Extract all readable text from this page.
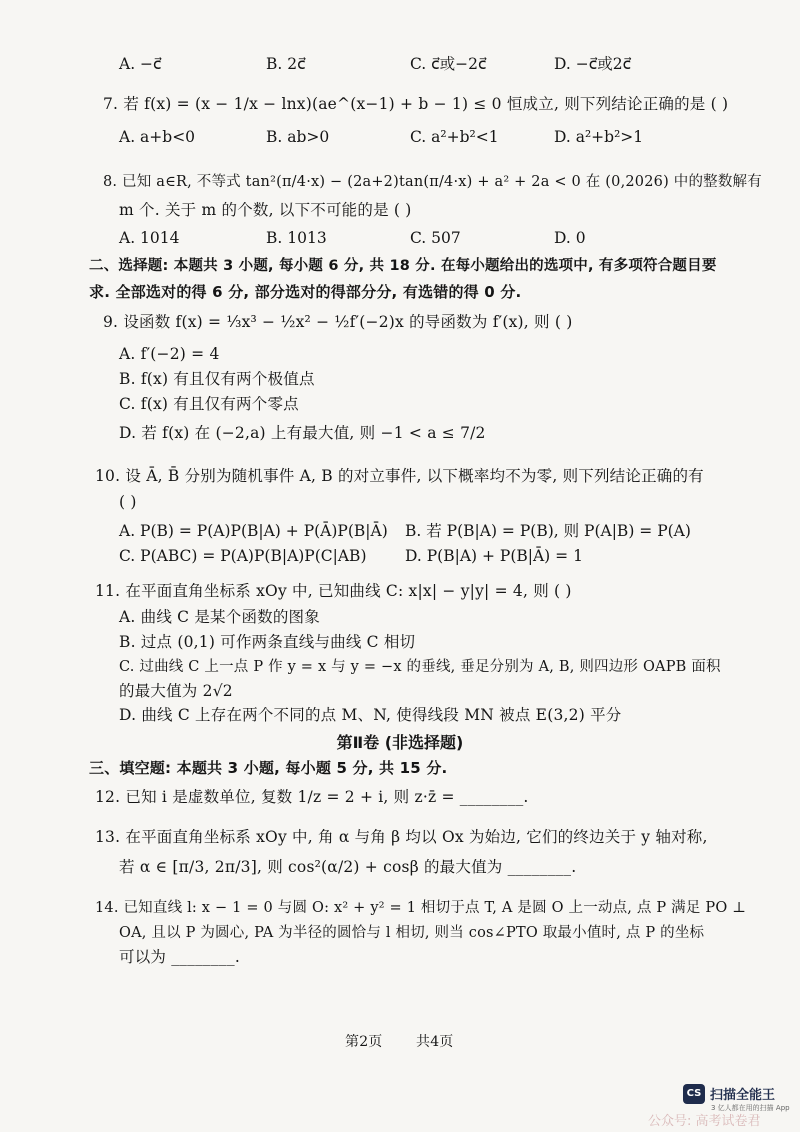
A. −c⃗	B. 2c⃗	C. c⃗或−2c⃗	D. −c⃗或2c⃗
7. 若 f(x) = (x − 1/x − lnx)(ae^(x−1) + b − 1) ≤ 0 恒成立, 则下列结论正确的是 ( )
A. a+b<0	B. ab>0	C. a²+b²<1	D. a²+b²>1
8. 已知 a∈R, 不等式 tan²(π/4·x) − (2a+2)tan(π/4·x) + a² + 2a < 0 在 (0,2026) 中的整数解有
m 个. 关于 m 的个数, 以下不可能的是 ( )
A. 1014	B. 1013	C. 507	D. 0
二、选择题: 本题共 3 小题, 每小题 6 分, 共 18 分. 在每小题给出的选项中, 有多项符合题目要
求. 全部选对的得 6 分, 部分选对的得部分分, 有选错的得 0 分.
9. 设函数 f(x) = ⅓x³ − ½x² − ½f′(−2)x 的导函数为 f′(x), 则 ( )
A. f′(−2) = 4
B. f(x) 有且仅有两个极值点
C. f(x) 有且仅有两个零点
D. 若 f(x) 在 (−2,a) 上有最大值, 则 −1 < a ≤ 7/2
10. 设 Ā, B̄ 分别为随机事件 A, B 的对立事件, 以下概率均不为零, 则下列结论正确的有
( )
A. P(B) = P(A)P(B|A) + P(Ā)P(B|Ā) B. 若 P(B|A) = P(B), 则 P(A|B) = P(A)
C. P(ABC) = P(A)P(B|A)P(C|AB) D. P(B|A) + P(B|Ā) = 1
11. 在平面直角坐标系 xOy 中, 已知曲线 C: x|x| − y|y| = 4, 则 ( )
A. 曲线 C 是某个函数的图象
B. 过点 (0,1) 可作两条直线与曲线 C 相切
C. 过曲线 C 上一点 P 作 y = x 与 y = −x 的垂线, 垂足分别为 A, B, 则四边形 OAPB 面积
的最大值为 2√2
D. 曲线 C 上存在两个不同的点 M、N, 使得线段 MN 被点 E(3,2) 平分
第Ⅱ卷 (非选择题)
三、填空题: 本题共 3 小题, 每小题 5 分, 共 15 分.
12. 已知 i 是虚数单位, 复数 1/z = 2 + i, 则 z·z̄ = ________.
13. 在平面直角坐标系 xOy 中, 角 α 与角 β 均以 Ox 为始边, 它们的终边关于 y 轴对称,
若 α ∈ [π/3, 2π/3], 则 cos²(α/2) + cosβ 的最大值为 ________.
14. 已知直线 l: x − 1 = 0 与圆 O: x² + y² = 1 相切于点 T, A 是圆 O 上一动点, 点 P 满足 PO ⊥
OA, 且以 P 为圆心, PA 为半径的圆恰与 l 相切, 则当 cos∠PTO 取最小值时, 点 P 的坐标
可以为 ________.
第2页 共4页
CS 扫描全能王
3 亿人都在用的扫描 App
公众号: 高考试卷君
